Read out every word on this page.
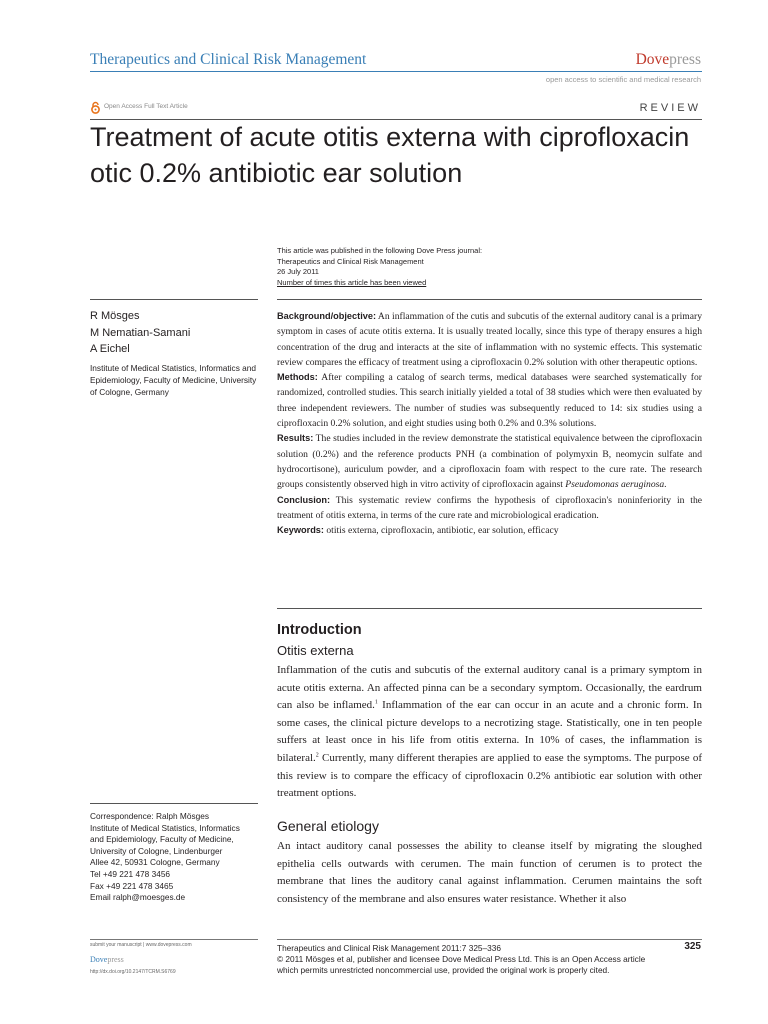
Therapeutics and Clinical Risk Management	Dovepress
open access to scientific and medical research
Open Access Full Text Article	REVIEW
Treatment of acute otitis externa with ciprofloxacin otic 0.2% antibiotic ear solution
This article was published in the following Dove Press journal:
Therapeutics and Clinical Risk Management
26 July 2011
Number of times this article has been viewed
R Mösges
M Nematian-Samani
A Eichel
Institute of Medical Statistics, Informatics and Epidemiology, Faculty of Medicine, University of Cologne, Germany

Background/objective: An inflammation of the cutis and subcutis of the external auditory canal is a primary symptom in cases of acute otitis externa. It is usually treated locally, since this type of therapy ensures a high concentration of the drug and interacts at the site of inflammation with no systemic effects. This systematic review compares the efficacy of treatment using a ciprofloxacin 0.2% solution with other therapeutic options.

Methods: After compiling a catalog of search terms, medical databases were searched systematically for randomized, controlled studies. This search initially yielded a total of 38 studies which were then evaluated by three independent reviewers. The number of studies was subsequently reduced to 14: six studies using a ciprofloxacin 0.2% solution, and eight studies using both 0.2% and 0.3% solutions.

Results: The studies included in the review demonstrate the statistical equivalence between the ciprofloxacin solution (0.2%) and the reference products PNH (a combination of polymyxin B, neomycin sulfate and hydrocortisone), auriculum powder, and a ciprofloxacin foam with respect to the cure rate. The research groups consistently observed high in vitro activity of ciprofloxacin against Pseudomonas aeruginosa.

Conclusion: This systematic review confirms the hypothesis of ciprofloxacin's noninferiority in the treatment of otitis externa, in terms of the cure rate and microbiological eradication.

Keywords: otitis externa, ciprofloxacin, antibiotic, ear solution, efficacy

Introduction
Otitis externa

Inflammation of the cutis and subcutis of the external auditory canal is a primary symptom in acute otitis externa. An affected pinna can be a secondary symptom. Occasionally, the eardrum can also be inflamed.$^1$ Inflammation of the ear can occur in an acute and a chronic form. In some cases, the clinical picture develops to a necrotizing stage. Statistically, one in ten people suffers at least once in his life from otitis externa. In 10% of cases, the inflammation is bilateral.$^2$ Currently, many different therapies are applied to ease the symptoms. The purpose of this review is to compare the efficacy of ciprofloxacin 0.2% antibiotic ear solution with other treatment options.

General etiology

An intact auditory canal possesses the ability to cleanse itself by migrating the sloughed epithelia cells outwards with cerumen. The main function of cerumen is to protect the membrane that lines the auditory canal against inflammation. Cerumen maintains the soft consistency of the membrane and also ensures water resistance. Whether it also

Correspondence: Ralph Mösges
Institute of Medical Statistics, Informatics
and Epidemiology, Faculty of Medicine,
University of Cologne, Lindenburger
Allee 42, 50931 Cologne, Germany
Tel +49 221 478 3456
Fax +49 221 478 3465
Email ralph@moesges.de
submit your manuscript | www.dovepress.com
Dovepress
http://dx.doi.org/10.2147/TCRM.S6769
Therapeutics and Clinical Risk Management 2011:7 325–336
© 2011 Mösges et al, publisher and licensee Dove Medical Press Ltd. This is an Open Access article
which permits unrestricted noncommercial use, provided the original work is properly cited.
325
